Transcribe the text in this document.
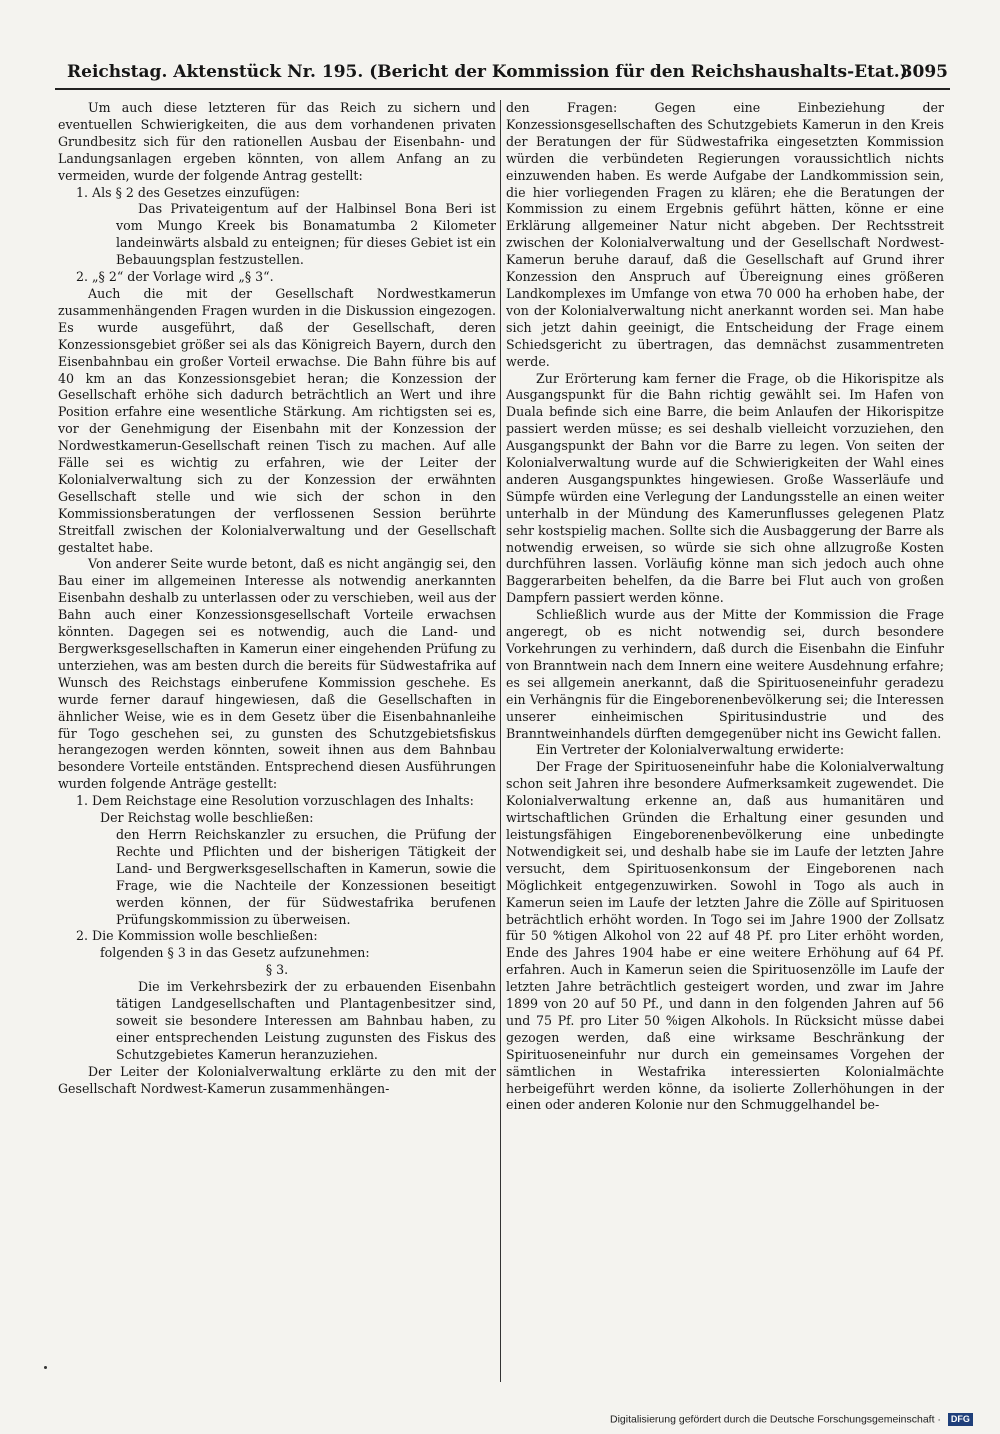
Reichstag. Aktenstück Nr. 195. (Bericht der Kommission für den Reichshaushalts-Etat.)
3095

Um auch diese letzteren für das Reich zu sichern und eventuellen Schwierigkeiten, die aus dem vorhandenen privaten Grundbesitz sich für den rationellen Ausbau der Eisenbahn- und Landungsanlagen ergeben könnten, von allem Anfang an zu vermeiden, wurde der folgende Antrag gestellt:

1. Als § 2 des Gesetzes einzufügen:

Das Privateigentum auf der Halbinsel Bona Beri ist vom Mungo Kreek bis Bonamatumba 2 Kilometer landeinwärts alsbald zu enteignen; für dieses Gebiet ist ein Bebauungsplan festzustellen.

2. „§ 2“ der Vorlage wird „§ 3“.

Auch die mit der Gesellschaft Nordwestkamerun zusammenhängenden Fragen wurden in die Diskussion eingezogen. Es wurde ausgeführt, daß der Gesellschaft, deren Konzessionsgebiet größer sei als das Königreich Bayern, durch den Eisenbahnbau ein großer Vorteil erwachse. Die Bahn führe bis auf 40 km an das Konzessionsgebiet heran; die Konzession der Gesellschaft erhöhe sich dadurch beträchtlich an Wert und ihre Position erfahre eine wesentliche Stärkung. Am richtigsten sei es, vor der Genehmigung der Eisenbahn mit der Konzession der Nordwestkamerun-Gesellschaft reinen Tisch zu machen. Auf alle Fälle sei es wichtig zu erfahren, wie der Leiter der Kolonialverwaltung sich zu der Konzession der erwähnten Gesellschaft stelle und wie sich der schon in den Kommissionsberatungen der verflossenen Session berührte Streitfall zwischen der Kolonialverwaltung und der Gesellschaft gestaltet habe.

Von anderer Seite wurde betont, daß es nicht angängig sei, den Bau einer im allgemeinen Interesse als notwendig anerkannten Eisenbahn deshalb zu unterlassen oder zu verschieben, weil aus der Bahn auch einer Konzessionsgesellschaft Vorteile erwachsen könnten. Dagegen sei es notwendig, auch die Land- und Bergwerksgesellschaften in Kamerun einer eingehenden Prüfung zu unterziehen, was am besten durch die bereits für Südwestafrika auf Wunsch des Reichstags einberufene Kommission geschehe. Es wurde ferner darauf hingewiesen, daß die Gesellschaften in ähnlicher Weise, wie es in dem Gesetz über die Eisenbahnanleihe für Togo geschehen sei, zu gunsten des Schutzgebietsfiskus herangezogen werden könnten, soweit ihnen aus dem Bahnbau besondere Vorteile entständen. Entsprechend diesen Ausführungen wurden folgende Anträge gestellt:

1. Dem Reichstage eine Resolution vorzuschlagen des Inhalts:

Der Reichstag wolle beschließen:

den Herrn Reichskanzler zu ersuchen, die Prüfung der Rechte und Pflichten und der bisherigen Tätigkeit der Land- und Bergwerksgesellschaften in Kamerun, sowie die Frage, wie die Nachteile der Konzessionen beseitigt werden können, der für Südwestafrika berufenen Prüfungskommission zu überweisen.

2. Die Kommission wolle beschließen:

folgenden § 3 in das Gesetz aufzunehmen:

§ 3.

Die im Verkehrsbezirk der zu erbauenden Eisenbahn tätigen Landgesellschaften und Plantagenbesitzer sind, soweit sie besondere Interessen am Bahnbau haben, zu einer entsprechenden Leistung zugunsten des Fiskus des Schutzgebietes Kamerun heranzuziehen.

Der Leiter der Kolonialverwaltung erklärte zu den mit der Gesellschaft Nordwest-Kamerun zusammenhängen-

den Fragen: Gegen eine Einbeziehung der Konzessionsgesellschaften des Schutzgebiets Kamerun in den Kreis der Beratungen der für Südwestafrika eingesetzten Kommission würden die verbündeten Regierungen voraussichtlich nichts einzuwenden haben. Es werde Aufgabe der Landkommission sein, die hier vorliegenden Fragen zu klären; ehe die Beratungen der Kommission zu einem Ergebnis geführt hätten, könne er eine Erklärung allgemeiner Natur nicht abgeben. Der Rechtsstreit zwischen der Kolonialverwaltung und der Gesellschaft Nordwest-Kamerun beruhe darauf, daß die Gesellschaft auf Grund ihrer Konzession den Anspruch auf Übereignung eines größeren Landkomplexes im Umfange von etwa 70 000 ha erhoben habe, der von der Kolonialverwaltung nicht anerkannt worden sei. Man habe sich jetzt dahin geeinigt, die Entscheidung der Frage einem Schiedsgericht zu übertragen, das demnächst zusammentreten werde.

Zur Erörterung kam ferner die Frage, ob die Hikorispitze als Ausgangspunkt für die Bahn richtig gewählt sei. Im Hafen von Duala befinde sich eine Barre, die beim Anlaufen der Hikorispitze passiert werden müsse; es sei deshalb vielleicht vorzuziehen, den Ausgangspunkt der Bahn vor die Barre zu legen. Von seiten der Kolonialverwaltung wurde auf die Schwierigkeiten der Wahl eines anderen Ausgangspunktes hingewiesen. Große Wasserläufe und Sümpfe würden eine Verlegung der Landungsstelle an einen weiter unterhalb in der Mündung des Kamerunflusses gelegenen Platz sehr kostspielig machen. Sollte sich die Ausbaggerung der Barre als notwendig erweisen, so würde sie sich ohne allzugroße Kosten durchführen lassen. Vorläufig könne man sich jedoch auch ohne Baggerarbeiten behelfen, da die Barre bei Flut auch von großen Dampfern passiert werden könne.

Schließlich wurde aus der Mitte der Kommission die Frage angeregt, ob es nicht notwendig sei, durch besondere Vorkehrungen zu verhindern, daß durch die Eisenbahn die Einfuhr von Branntwein nach dem Innern eine weitere Ausdehnung erfahre; es sei allgemein anerkannt, daß die Spirituoseneinfuhr geradezu ein Verhängnis für die Eingeborenenbevölkerung sei; die Interessen unserer einheimischen Spiritusindustrie und des Branntweinhandels dürften demgegenüber nicht ins Gewicht fallen.

Ein Vertreter der Kolonialverwaltung erwiderte:

Der Frage der Spirituoseneinfuhr habe die Kolonialverwaltung schon seit Jahren ihre besondere Aufmerksamkeit zugewendet. Die Kolonialverwaltung erkenne an, daß aus humanitären und wirtschaftlichen Gründen die Erhaltung einer gesunden und leistungsfähigen Eingeborenenbevölkerung eine unbedingte Notwendigkeit sei, und deshalb habe sie im Laufe der letzten Jahre versucht, dem Spirituosenkonsum der Eingeborenen nach Möglichkeit entgegenzuwirken. Sowohl in Togo als auch in Kamerun seien im Laufe der letzten Jahre die Zölle auf Spirituosen beträchtlich erhöht worden. In Togo sei im Jahre 1900 der Zollsatz für 50 %tigen Alkohol von 22 auf 48 Pf. pro Liter erhöht worden, Ende des Jahres 1904 habe er eine weitere Erhöhung auf 64 Pf. erfahren. Auch in Kamerun seien die Spirituosenzölle im Laufe der letzten Jahre beträchtlich gesteigert worden, und zwar im Jahre 1899 von 20 auf 50 Pf., und dann in den folgenden Jahren auf 56 und 75 Pf. pro Liter 50 %igen Alkohols. In Rücksicht müsse dabei gezogen werden, daß eine wirksame Beschränkung der Spirituoseneinfuhr nur durch ein gemeinsames Vorgehen der sämtlichen in Westafrika interessierten Kolonialmächte herbeigeführt werden könne, da isolierte Zollerhöhungen in der einen oder anderen Kolonie nur den Schmuggelhandel be-

Digitalisierung gefördert durch die Deutsche Forschungsgemeinschaft · DFG
